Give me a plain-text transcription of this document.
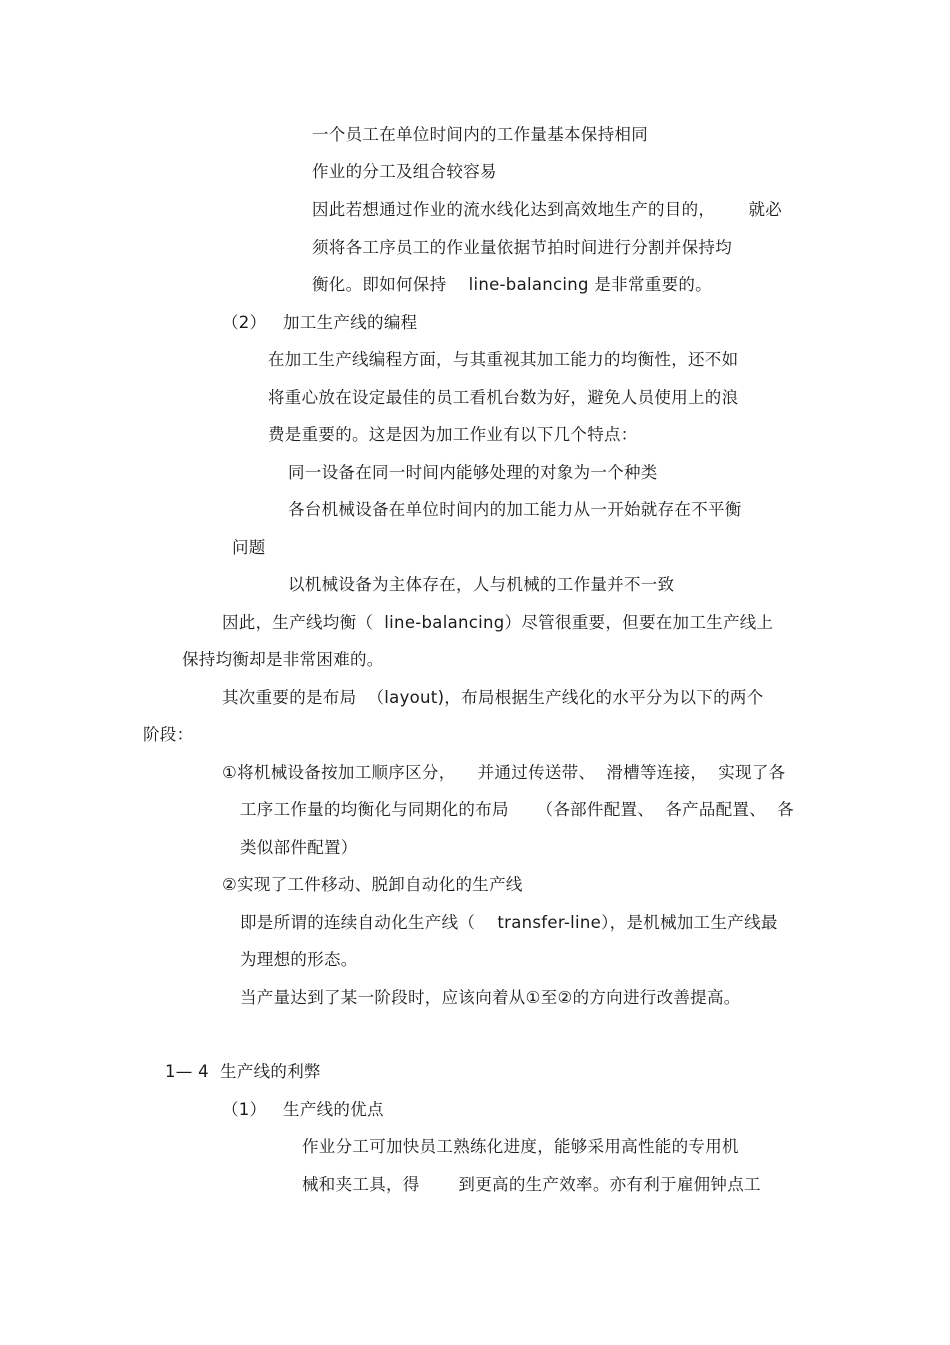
一个员工在单位时间内的工作量基本保持相同
作业的分工及组合较容易
因此若想通过作业的流水线化达到高效地生产的目的，      就必
须将各工序员工的作业量依据节拍时间进行分割并保持均
衡化。即如何保持    line-balancing 是非常重要的。
（2）   加工生产线的编程
在加工生产线编程方面，与其重视其加工能力的均衡性，还不如
将重心放在设定最佳的员工看机台数为好，避免人员使用上的浪
费是重要的。这是因为加工作业有以下几个特点：
同一设备在同一时间内能够处理的对象为一个种类
各台机械设备在单位时间内的加工能力从一开始就存在不平衡
问题
以机械设备为主体存在，人与机械的工作量并不一致
因此，生产线均衡（  line-balancing）尽管很重要，但要在加工生产线上
保持均衡却是非常困难的。
其次重要的是布局  （layout)，布局根据生产线化的水平分为以下的两个
阶段：
①将机械设备按加工顺序区分，    并通过传送带、  滑槽等连接，  实现了各
工序工作量的均衡化与同期化的布局     （各部件配置、  各产品配置、  各
类似部件配置）
②实现了工件移动、脱卸自动化的生产线
即是所谓的连续自动化生产线（    transfer-line），是机械加工生产线最
为理想的形态。
当产量达到了某一阶段时，应该向着从①至②的方向进行改善提高。
1— 4  生产线的利弊
（1）   生产线的优点
作业分工可加快员工熟练化进度，能够采用高性能的专用机
械和夹工具，得       到更高的生产效率。亦有利于雇佣钟点工
